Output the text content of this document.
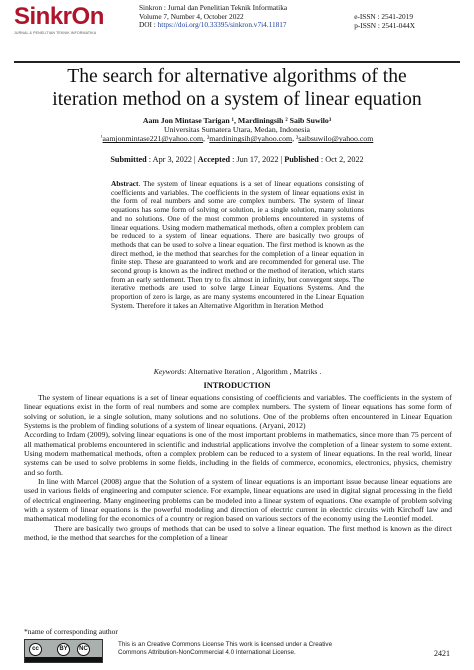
SinkrOn
JURNAL & PENELITIAN TEKNIK INFORMATIKA
Sinkron : Jurnal dan Penelitian Teknik Informatika
Volume 7, Number 4, October 2022
DOI : https://doi.org/10.33395/sinkron.v7i4.11817
e-ISSN : 2541-2019
p-ISSN : 2541-044X
The search for alternative algorithms of the iteration method on a system of linear equation
Aam Jon Mintase Tarigan ¹, Mardiningsih ² Saib Suwilo³
Universitas Sumatera Utara, Medan, Indonesia
$^{^1}$aamjonmintase221@yahoo.com, ²mardiningsih@yahoo.com, ³saibsuwilo@yahoo.com
Submitted : Apr 3, 2022 | Accepted : Jun 17, 2022 | Published : Oct 2, 2022
Abstract. The system of linear equations is a set of linear equations consisting of coefficients and variables. The coefficients in the system of linear equations exist in the form of real numbers and some are complex numbers. The system of linear equations has some form of solving or solution, ie a single solution, many solutions and no solutions. One of the most common problems encountered in systems of linear equations. Using modern mathematical methods, often a complex problem can be reduced to a system of linear equations. There are basically two groups of methods that can be used to solve a linear equation. The first method is known as the direct method, ie the method that searches for the completion of a linear equation in finite step. These are guaranteed to work and are recommended for general use. The second group is known as the indirect method or the method of iteration, which starts from an early settlement. Then try to fix almost in infinity, but convergent steps. The iterative methods are used to solve large Linear Equations Systems. And the proportion of zero is large, as are many systems encountered in the Linear Equation System. Therefore it takes an Alternative Algorithm in Iteration Method
Keywords: Alternative Iteration , Algorithm , Matriks .
INTRODUCTION

The system of linear equations is a set of linear equations consisting of coefficients and variables. The coefficients in the system of linear equations exist in the form of real numbers and some are complex numbers. The system of linear equations has some form of solving or solution, ie a single solution, many solutions and no solutions. One of the problems often encountered in Linear Equation Systems is the problem of finding solutions of a system of linear equations. (Aryani, 2012)

According to Irdam (2009), solving linear equations is one of the most important problems in mathematics, since more than 75 percent of all mathematical problems encountered in scientific and industrial applications involve the completion of a linear system to some extent. Using modern mathematical methods, often a complex problem can be reduced to a system of linear equations. In the real world, linear systems can be used to solve problems in some fields, including in the fields of commerce, economics, electronics, physics, chemistry and so forth.

In line with Marcel (2008) argue that the Solution of a system of linear equations is an important issue because linear equations are used in various fields of engineering and computer science. For example, linear equations are used in digital signal processing in the field of electrical engineering. Many engineering problems can be modeled into a linear system of equations. One example of problem solving with a system of linear equations is the powerful modeling and direction of electric current in electric circuits with Kirchoff law and mathematical modeling for the economics of a country or region based on various sectors of the economy using the Leontief model.

There are basically two groups of methods that can be used to solve a linear equation. The first method is known as the direct method, ie the method that searches for the completion of a linear

*name of corresponding author
cc	BY	NC
This is an Creative Commons License This work is licensed under a Creative
Commons Attribution-NonCommercial 4.0 International License.	2421
